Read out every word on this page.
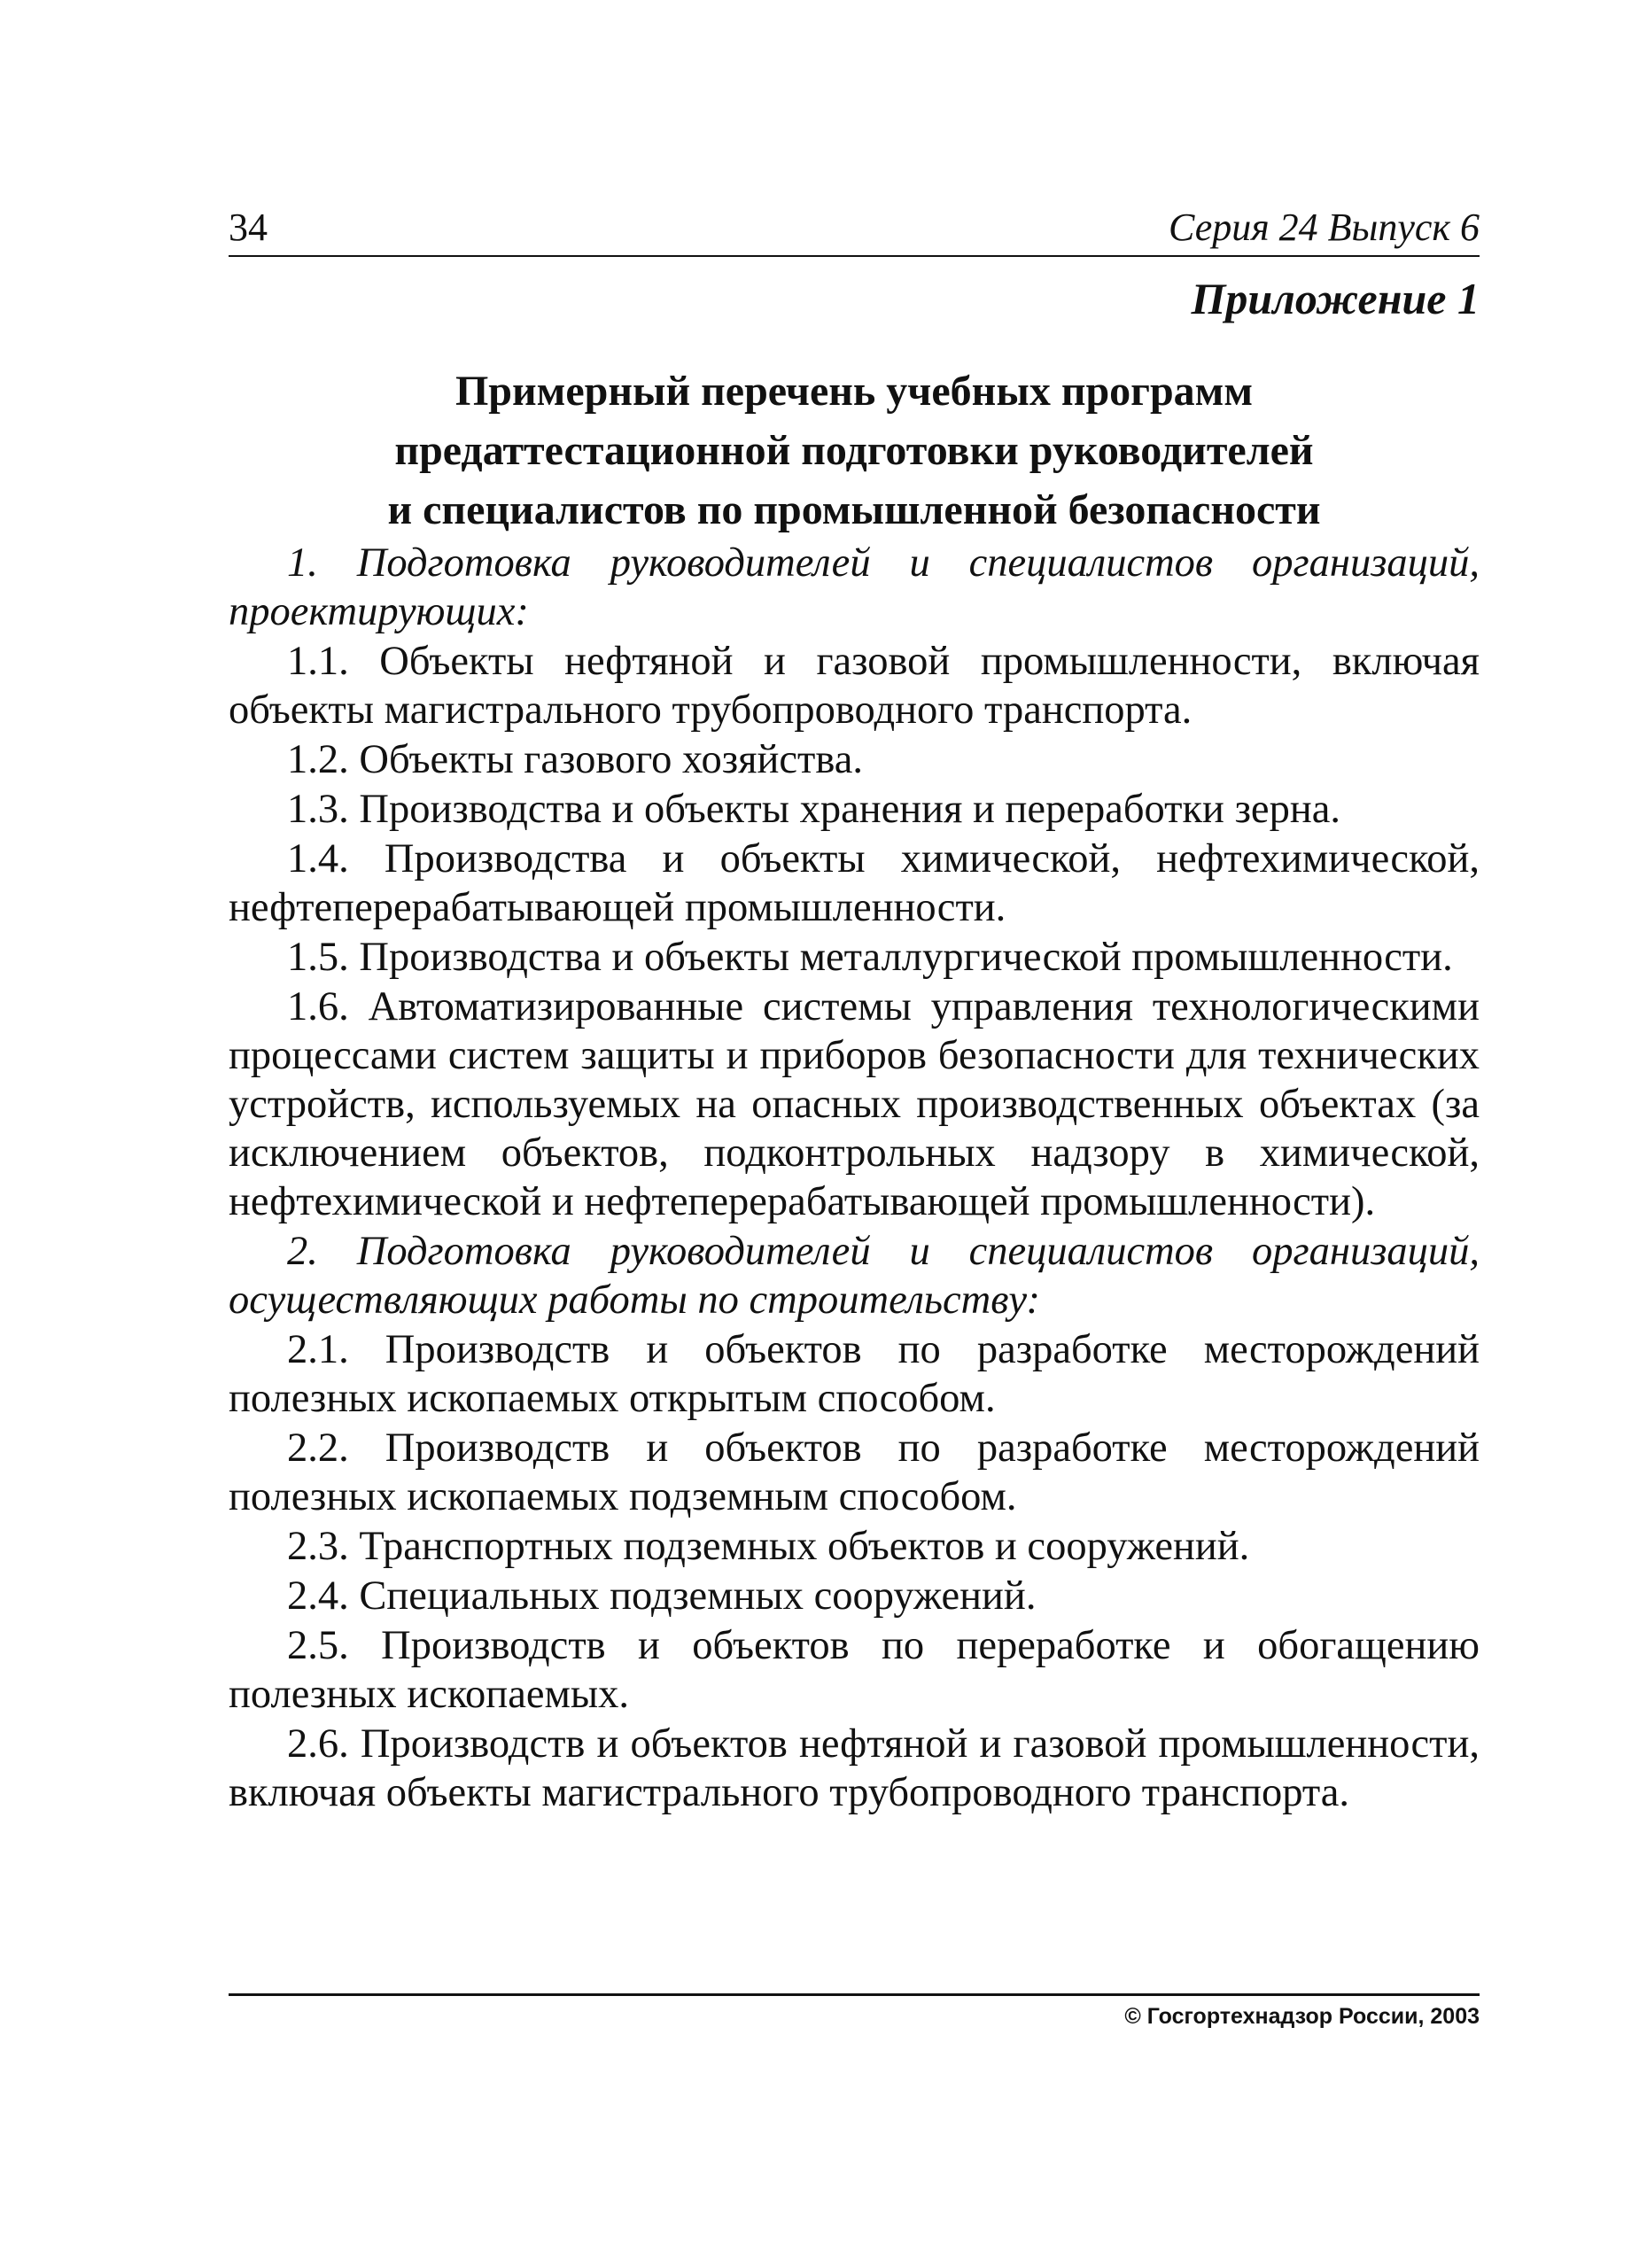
34	Серия 24 Выпуск 6
Приложение 1
Примерный перечень учебных программ
предаттестационной подготовки руководителей
и специалистов по промышленной безопасности

1. Подготовка руководителей и специалистов организаций, проектирующих:

1.1. Объекты нефтяной и газовой промышленности, включая объекты магистрального трубопроводного транспорта.

1.2. Объекты газового хозяйства.

1.3. Производства и объекты хранения и переработки зерна.

1.4. Производства и объекты химической, нефтехимической, нефтеперерабатывающей промышленности.

1.5. Производства и объекты металлургической промышленности.

1.6. Автоматизированные системы управления технологическими процессами систем защиты и приборов безопасности для технических устройств, используемых на опасных производственных объектах (за исключением объектов, подконтрольных надзору в химической, нефтехимической и нефтеперерабатывающей промышленности).

2. Подготовка руководителей и специалистов организаций, осуществляющих работы по строительству:

2.1. Производств и объектов по разработке месторождений полезных ископаемых открытым способом.

2.2. Производств и объектов по разработке месторождений полезных ископаемых подземным способом.

2.3. Транспортных подземных объектов и сооружений.

2.4. Специальных подземных сооружений.

2.5. Производств и объектов по переработке и обогащению полезных ископаемых.

2.6. Производств и объектов нефтяной и газовой промышленности, включая объекты магистрального трубопроводного транспорта.

© Госгортехнадзор России, 2003
